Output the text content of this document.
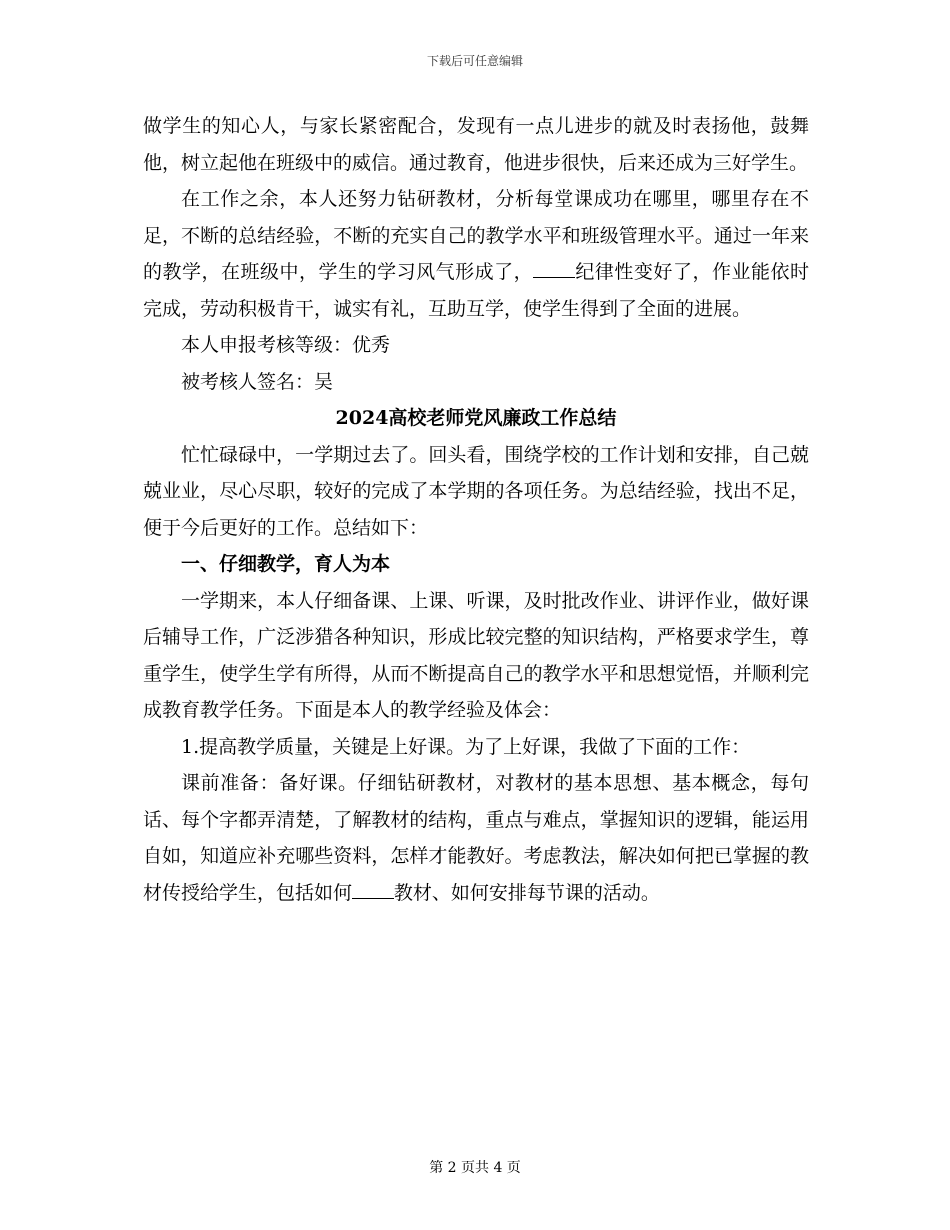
下载后可任意编辑

做学生的知心人，与家长紧密配合，发现有一点儿进步的就及时表扬他，鼓舞他，树立起他在班级中的威信。通过教育，他进步很快，后来还成为三好学生。

在工作之余，本人还努力钻研教材，分析每堂课成功在哪里，哪里存在不足，不断的总结经验，不断的充实自己的教学水平和班级管理水平。通过一年来的教学，在班级中，学生的学习风气形成了， 纪律性变好了，作业能依时完成，劳动积极肯干，诚实有礼，互助互学，使学生得到了全面的进展。

本人申报考核等级：优秀

被考核人签名：吴

2024高校老师党风廉政工作总结

忙忙碌碌中，一学期过去了。回头看，围绕学校的工作计划和安排，自己兢兢业业，尽心尽职，较好的完成了本学期的各项任务。为总结经验，找出不足，便于今后更好的工作。总结如下：

一、仔细教学，育人为本

一学期来，本人仔细备课、上课、听课，及时批改作业、讲评作业，做好课后辅导工作，广泛涉猎各种知识，形成比较完整的知识结构，严格要求学生，尊重学生，使学生学有所得，从而不断提高自己的教学水平和思想觉悟，并顺利完成教育教学任务。下面是本人的教学经验及体会：

1.提高教学质量，关键是上好课。为了上好课，我做了下面的工作：

课前准备：备好课。仔细钻研教材，对教材的基本思想、基本概念，每句话、每个字都弄清楚，了解教材的结构，重点与难点，掌握知识的逻辑，能运用自如，知道应补充哪些资料，怎样才能教好。考虑教法，解决如何把已掌握的教材传授给学生，包括如何 教材、如何安排每节课的活动。

第 2 页共 4 页
